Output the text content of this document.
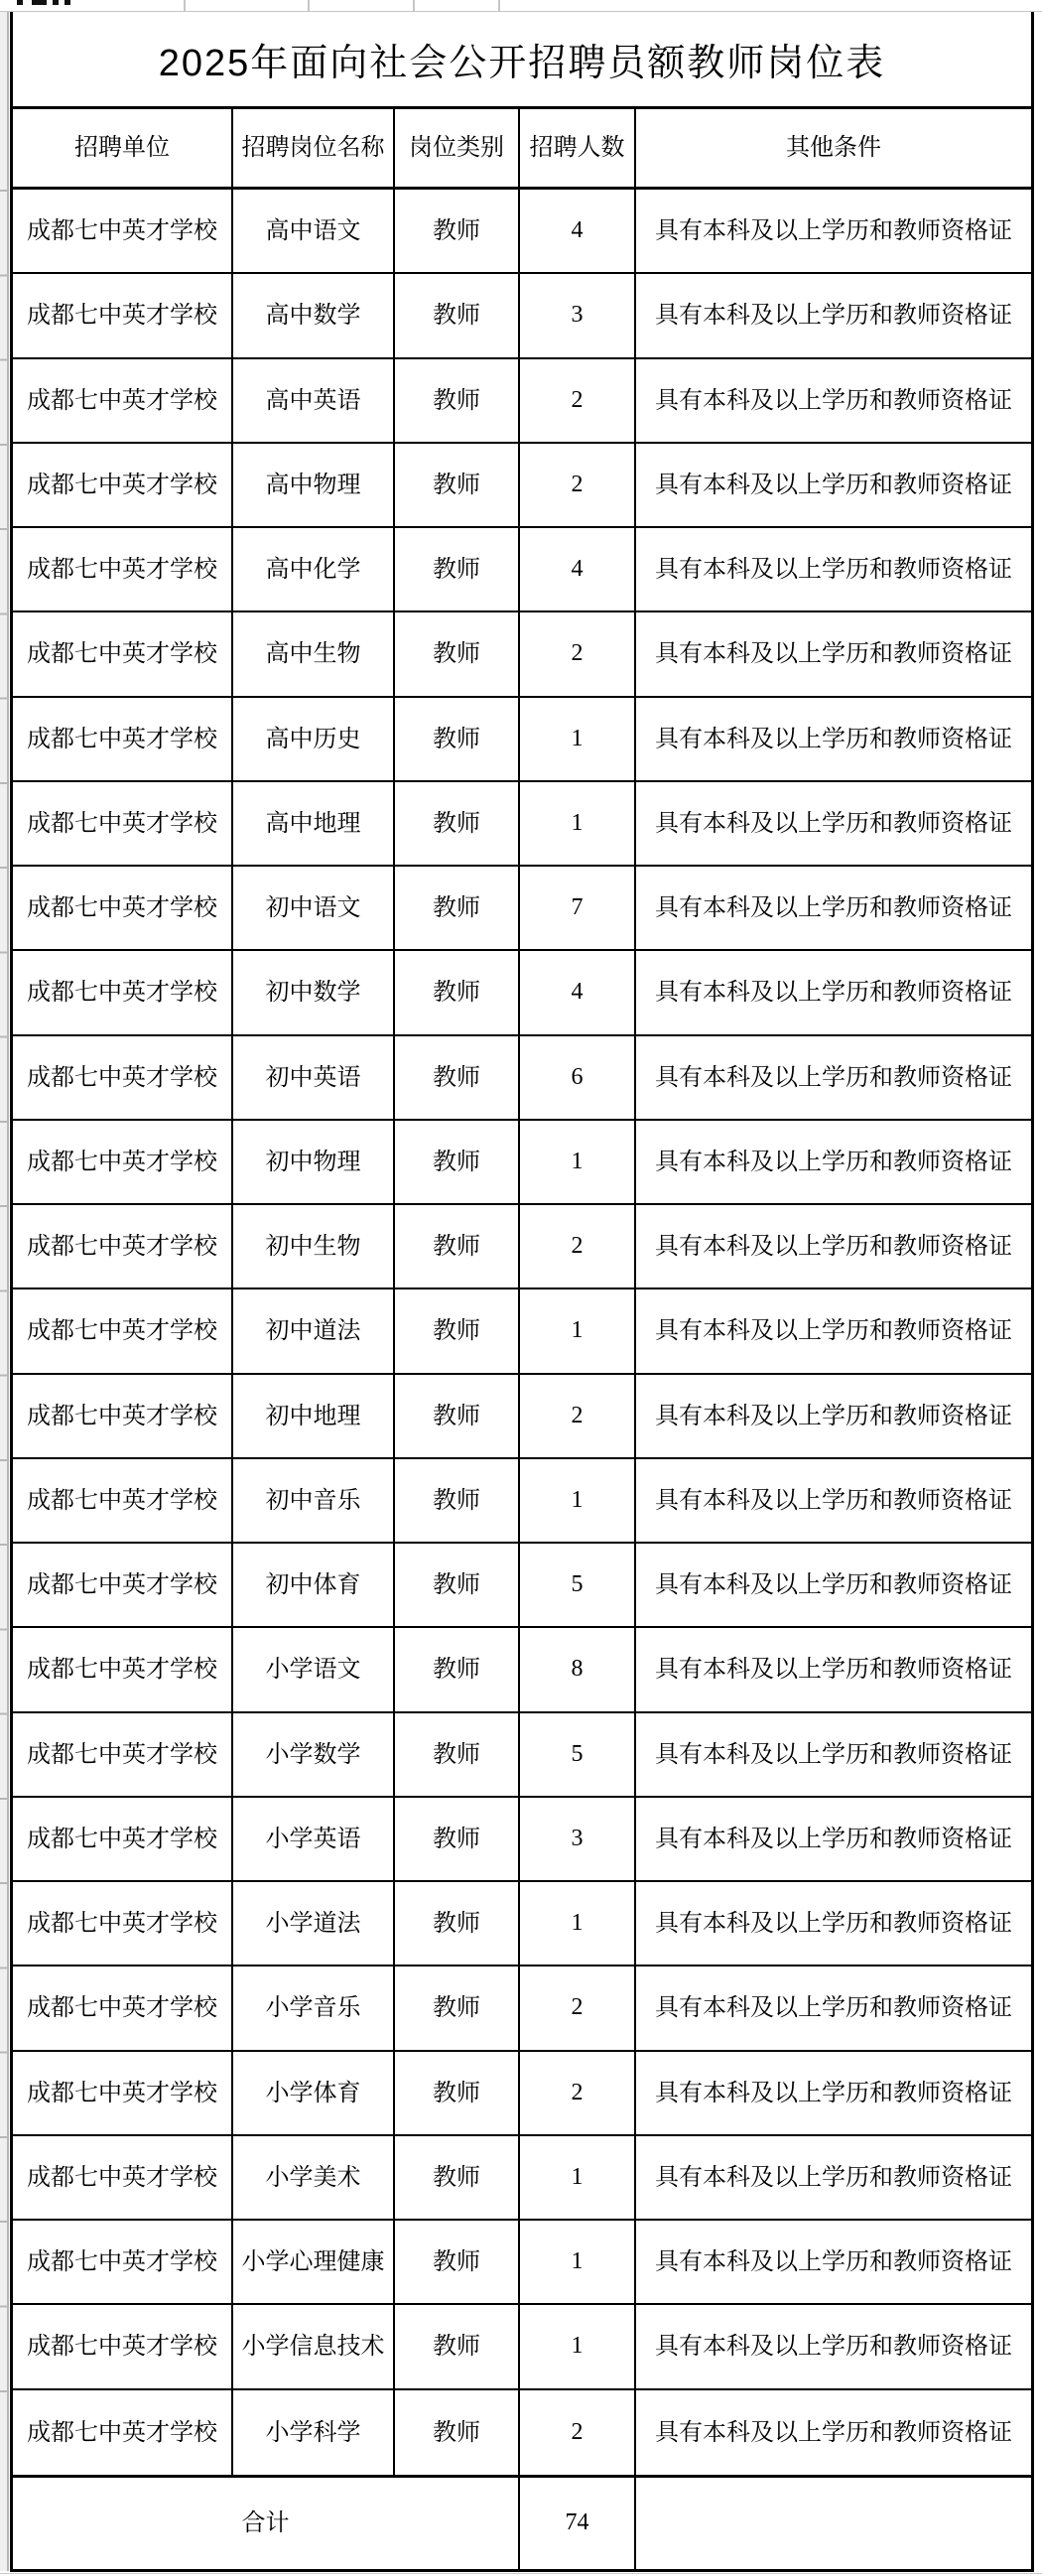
2025年面向社会公开招聘员额教师岗位表
招聘单位	招聘岗位名称	岗位类别	招聘人数	其他条件
成都七中英才学校	高中语文	教师	4	具有本科及以上学历和教师资格证
成都七中英才学校	高中数学	教师	3	具有本科及以上学历和教师资格证
成都七中英才学校	高中英语	教师	2	具有本科及以上学历和教师资格证
成都七中英才学校	高中物理	教师	2	具有本科及以上学历和教师资格证
成都七中英才学校	高中化学	教师	4	具有本科及以上学历和教师资格证
成都七中英才学校	高中生物	教师	2	具有本科及以上学历和教师资格证
成都七中英才学校	高中历史	教师	1	具有本科及以上学历和教师资格证
成都七中英才学校	高中地理	教师	1	具有本科及以上学历和教师资格证
成都七中英才学校	初中语文	教师	7	具有本科及以上学历和教师资格证
成都七中英才学校	初中数学	教师	4	具有本科及以上学历和教师资格证
成都七中英才学校	初中英语	教师	6	具有本科及以上学历和教师资格证
成都七中英才学校	初中物理	教师	1	具有本科及以上学历和教师资格证
成都七中英才学校	初中生物	教师	2	具有本科及以上学历和教师资格证
成都七中英才学校	初中道法	教师	1	具有本科及以上学历和教师资格证
成都七中英才学校	初中地理	教师	2	具有本科及以上学历和教师资格证
成都七中英才学校	初中音乐	教师	1	具有本科及以上学历和教师资格证
成都七中英才学校	初中体育	教师	5	具有本科及以上学历和教师资格证
成都七中英才学校	小学语文	教师	8	具有本科及以上学历和教师资格证
成都七中英才学校	小学数学	教师	5	具有本科及以上学历和教师资格证
成都七中英才学校	小学英语	教师	3	具有本科及以上学历和教师资格证
成都七中英才学校	小学道法	教师	1	具有本科及以上学历和教师资格证
成都七中英才学校	小学音乐	教师	2	具有本科及以上学历和教师资格证
成都七中英才学校	小学体育	教师	2	具有本科及以上学历和教师资格证
成都七中英才学校	小学美术	教师	1	具有本科及以上学历和教师资格证
成都七中英才学校	小学心理健康	教师	1	具有本科及以上学历和教师资格证
成都七中英才学校	小学信息技术	教师	1	具有本科及以上学历和教师资格证
成都七中英才学校	小学科学	教师	2	具有本科及以上学历和教师资格证
合计	74
